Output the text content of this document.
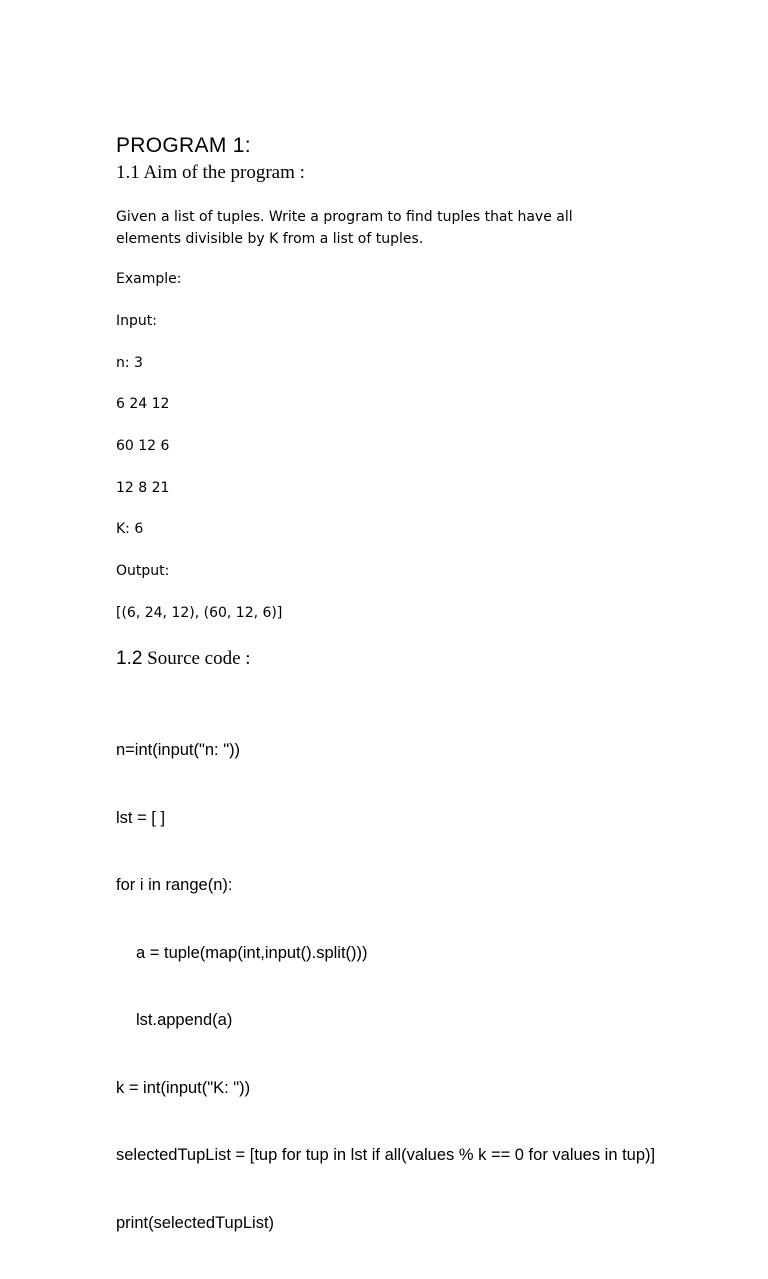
PROGRAM 1:
1.1 Aim of the program :
Given a list of tuples. Write a program to find tuples that have all elements divisible by K from a list of tuples.
Example:
Input:
n: 3
6 24 12
60 12 6
12 8 21
K: 6
Output:
[(6, 24, 12), (60, 12, 6)]
1.2 Source code :

n=int(input("n: "))

lst = [ ]

for i in range(n):

a = tuple(map(int,input().split()))

lst.append(a)

k = int(input("K: "))

selectedTupList = [tup for tup in lst if all(values % k == 0 for values in tup)]

print(selectedTupList)
